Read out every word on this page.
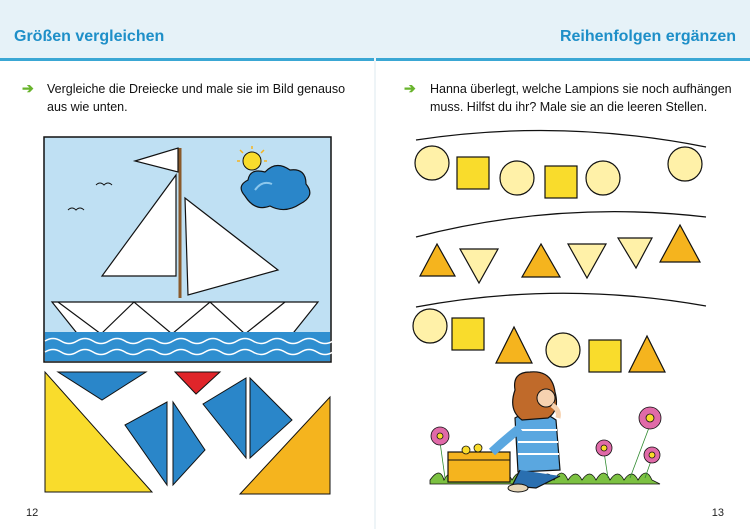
Größen vergleichen	Reihenfolgen ergänzen
➔ Vergleiche die Dreiecke und male sie im Bild genauso
aus wie unten.
➔ Hanna überlegt, welche Lampions sie noch aufhängen
muss. Hilfst du ihr? Male sie an die leeren Stellen.
12	13
